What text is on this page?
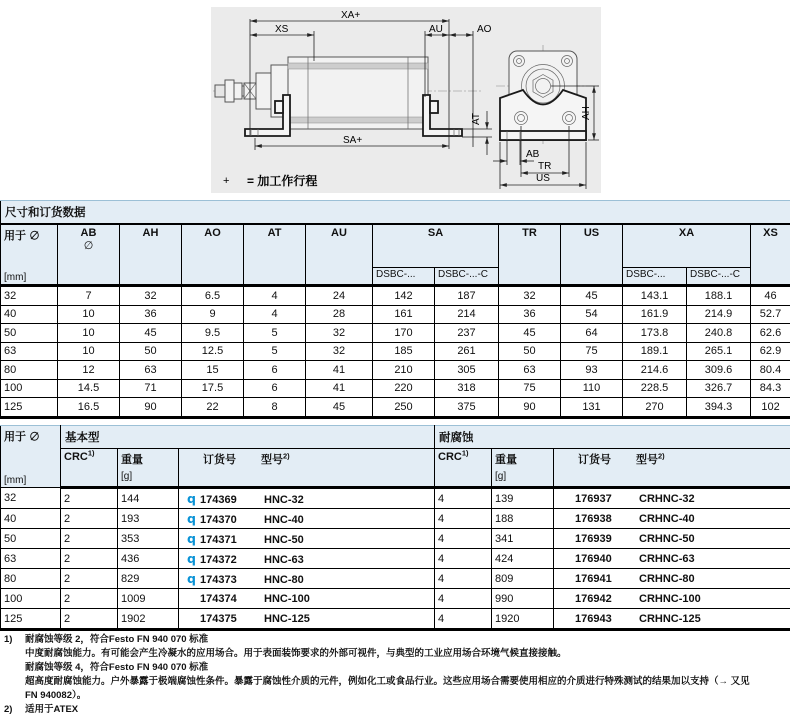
XA+
XS	AU	AO
SA+
AT	AH
AB
TR
US
+ = 加工作行程
尺寸和订货数据												
用于 ∅
[mm]

AB
∅
	AH	AO	AT	AU	SA	TR	US	XA	XS
						DSBC-...	DSBC-...-C			DSBC-...	DSBC-...-C	
32	7	32	6.5	4	24	142	187	32	45	143.1	188.1	46
40	10	36	9	4	28	161	214	36	54	161.9	214.9	52.7
50	10	45	9.5	5	32	170	237	45	64	173.8	240.8	62.6
63	10	50	12.5	5	32	185	261	50	75	189.1	265.1	62.9
80	12	63	15	6	41	210	305	63	93	214.6	309.6	80.4
100	14.5	71	17.5	6	41	220	318	75	110	228.5	326.7	84.3
125	16.5	90	22	8	45	250	375	90	131	270	394.3	102
用于 ∅
[mm]	基本型			耐腐蚀		
	CRC$^{1)}$	重量
[g]	订货号 型号$^{2)}$	CRC$^{1)}$	重量
[g]	订货号 型号$^{2)}$
32	2	144	q 174369 HNC-32	4	139	176937 CRHNC-32
40	2	193	q 174370 HNC-40	4	188	176938 CRHNC-40
50	2	353	q 174371 HNC-50	4	341	176939 CRHNC-50
63	2	436	q 174372 HNC-63	4	424	176940 CRHNC-63
80	2	829	q 174373 HNC-80	4	809	176941 CRHNC-80
100	2	1009	174374 HNC-100	4	990	176942 CRHNC-100
125	2	1902	174375 HNC-125	4	1920	176943 CRHNC-125
1)	耐腐蚀等级 2，符合Festo FN 940 070 标准
中度耐腐蚀能力。有可能会产生冷凝水的应用场合。用于表面装饰要求的外部可视件，与典型的工业应用场合环境气候直接接触。
耐腐蚀等级 4，符合Festo FN 940 070 标准
超高度耐腐蚀能力。户外暴露于极端腐蚀性条件。暴露于腐蚀性介质的元件，例如化工或食品行业。这些应用场合需要使用相应的介质进行特殊测试的结果加以支持（→ 又见
FN 940082）。
2)	适用于ATEX
